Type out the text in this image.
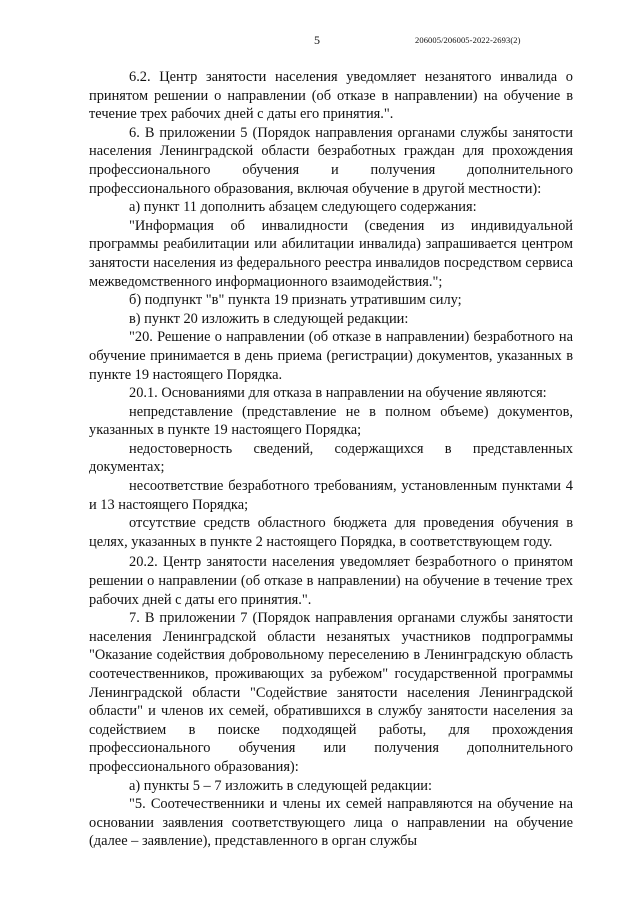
5	206005/206005-2022-2693(2)

6.2. Центр занятости населения уведомляет незанятого инвалида о принятом решении о направлении (об отказе в направлении) на обучение в течение трех рабочих дней с даты его принятия.".

6. В приложении 5 (Порядок направления органами службы занятости населения Ленинградской области безработных граждан для прохождения профессионального обучения и получения дополнительного профессионального образования, включая обучение в другой местности):

а) пункт 11 дополнить абзацем следующего содержания:

"Информация об инвалидности (сведения из индивидуальной программы реабилитации или абилитации инвалида) запрашивается центром занятости населения из федерального реестра инвалидов посредством сервиса межведомственного информационного взаимодействия.";

б) подпункт "в" пункта 19 признать утратившим силу;

в) пункт 20 изложить в следующей редакции:

"20. Решение о направлении (об отказе в направлении) безработного на обучение принимается в день приема (регистрации) документов, указанных в пункте 19 настоящего Порядка.

20.1. Основаниями для отказа в направлении на обучение являются:

непредставление (представление не в полном объеме) документов, указанных в пункте 19 настоящего Порядка;

недостоверность сведений, содержащихся в представленных документах;

несоответствие безработного требованиям, установленным пунктами 4 и 13 настоящего Порядка;

отсутствие средств областного бюджета для проведения обучения в целях, указанных в пункте 2 настоящего Порядка, в соответствующем году.

20.2. Центр занятости населения уведомляет безработного о принятом решении о направлении (об отказе в направлении) на обучение в течение трех рабочих дней с даты его принятия.".

7. В приложении 7 (Порядок направления органами службы занятости населения Ленинградской области незанятых участников подпрограммы "Оказание содействия добровольному переселению в Ленинградскую область соотечественников, проживающих за рубежом" государственной программы Ленинградской области "Содействие занятости населения Ленинградской области" и членов их семей, обратившихся в службу занятости населения за содействием в поиске подходящей работы, для прохождения профессионального обучения или получения дополнительного профессионального образования):

а) пункты 5 – 7 изложить в следующей редакции:

"5. Соотечественники и члены их семей направляются на обучение на основании заявления соответствующего лица о направлении на обучение (далее – заявление), представленного в орган службы
